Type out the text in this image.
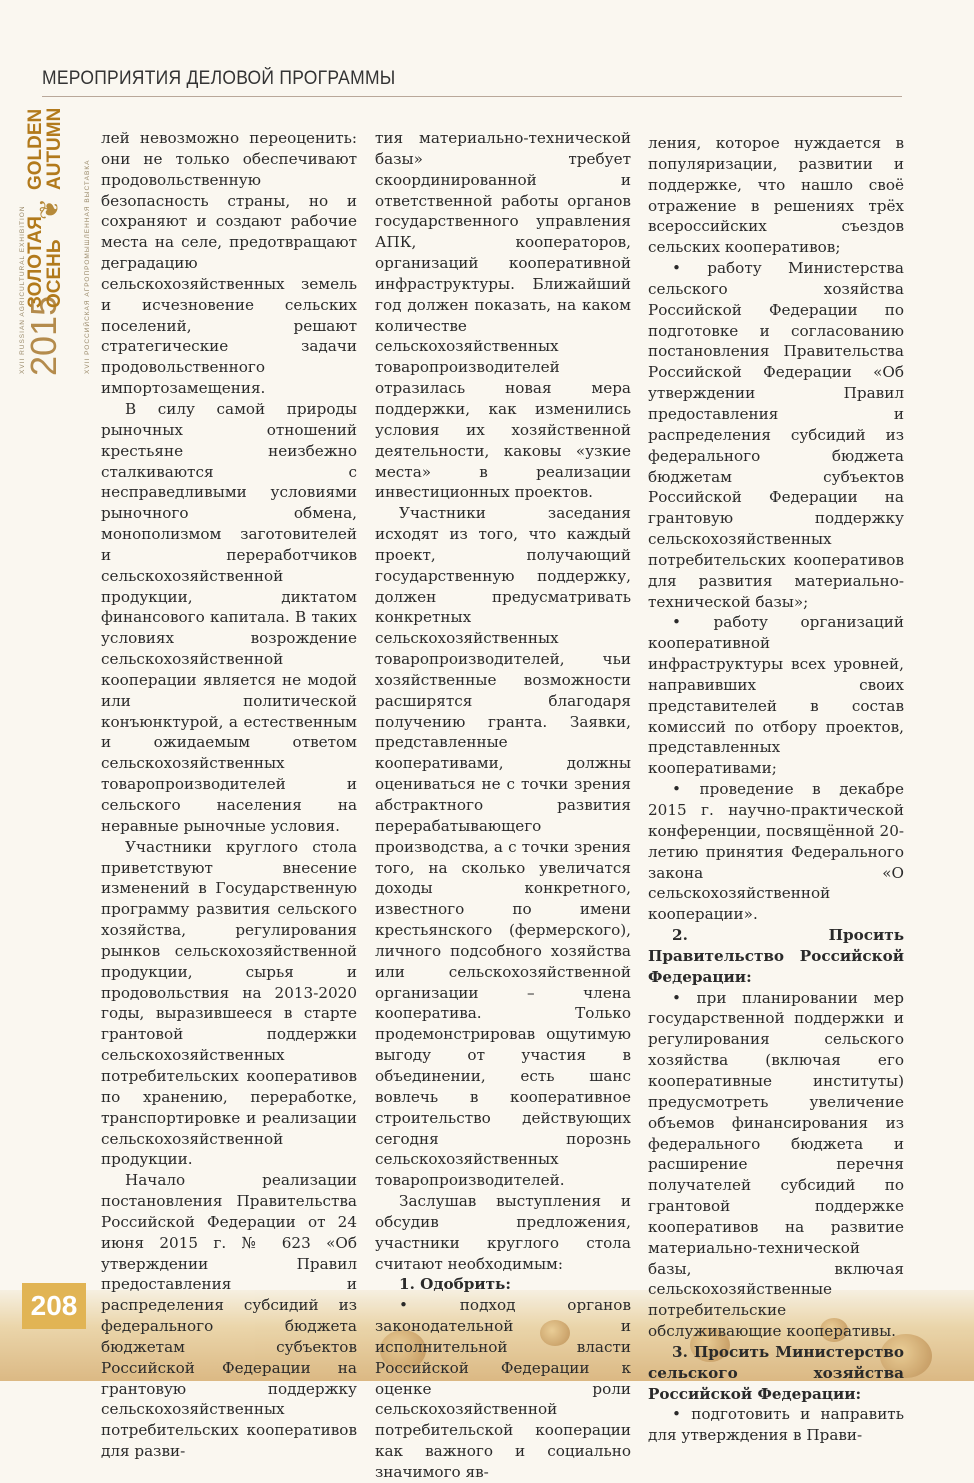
МЕРОПРИЯТИЯ ДЕЛОВОЙ ПРОГРАММЫ
XVII RUSSIAN AGRICULTURAL EXHIBITION
2015
ЗОЛОТАЯ
ОСЕНЬ
❦
GOLDEN
AUTUMN
XVII РОССИЙСКАЯ АГРОПРОМЫШЛЕННАЯ ВЫСТАВКА

лей невозможно переоценить: они не только обеспечивают продовольственную безопасность страны, но и сохраняют и создают рабочие места на селе, предотвращают деградацию сельскохозяйственных земель и исчезновение сельских поселений, решают стратегические задачи продовольственного импортозамещения.

В силу самой природы рыночных отношений крестьяне неизбежно сталкиваются с несправедливыми условиями рыночного обмена, монополизмом заготовителей и переработчиков сельскохозяйственной продукции, диктатом финансового капитала. В таких условиях возрождение сельскохозяйственной кооперации является не модой или политической конъюнктурой, а естественным и ожидаемым ответом сельскохозяйственных товаропроизводителей и сельского населения на неравные рыночные условия.

Участники круглого стола приветствуют внесение изменений в Государственную программу развития сельского хозяйства, регулирования рынков сельскохозяйственной продукции, сырья и продовольствия на 2013-2020 годы, выразившееся в старте грантовой поддержки сельскохозяйственных потребительских кооперативов по хранению, переработке, транспортировке и реализации сельскохозяйственной продукции.

Начало реализации постановления Правительства Российской Федерации от 24 июня 2015 г. № 623 «Об утверждении Правил предоставления и распределения субсидий из федерального бюджета бюджетам субъектов Российской Федерации на грантовую поддержку сельскохозяйственных потребительских кооперативов для разви-

тия материально-технической базы» требует скоординированной и ответственной работы органов государственного управления АПК, кооператоров, организаций кооперативной инфраструктуры. Ближайший год должен показать, на каком количестве сельскохозяйственных товаропроизводителей отразилась новая мера поддержки, как изменились условия их хозяйственной деятельности, каковы «узкие места» в реализации инвестиционных проектов.

Участники заседания исходят из того, что каждый проект, получающий государственную поддержку, должен предусматривать конкретных сельскохозяйственных товаропроизводителей, чьи хозяйственные возможности расширятся благодаря получению гранта. Заявки, представленные кооперативами, должны оцениваться не с точки зрения абстрактного развития перерабатывающего производства, а с точки зрения того, на сколько увеличатся доходы конкретного, известного по имени крестьянского (фермерского), личного подсобного хозяйства или сельскохозяйственной организации – члена кооператива. Только продемонстрировав ощутимую выгоду от участия в объединении, есть шанс вовлечь в кооперативное строительство действующих сегодня порознь сельскохозяйственных товаропроизводителей.

Заслушав выступления и обсудив предложения, участники круглого стола считают необходимым:

1. Одобрить:

• подход органов законодательной и исполнительной власти Российской Федерации к оценке роли сельскохозяйственной потребительской кооперации как важного и социально значимого яв-

ления, которое нуждается в популяризации, развитии и поддержке, что нашло своё отражение в решениях трёх всероссийских съездов сельских кооперативов;

• работу Министерства сельского хозяйства Российской Федерации по подготовке и согласованию постановления Правительства Российской Федерации «Об утверждении Правил предоставления и распределения субсидий из федерального бюджета бюджетам субъектов Российской Федерации на грантовую поддержку сельскохозяйственных потребительских кооперативов для развития материально-технической базы»;

• работу организаций кооперативной инфраструктуры всех уровней, направивших своих представителей в состав комиссий по отбору проектов, представленных кооперативами;

• проведение в декабре 2015 г. научно-практической конференции, посвящённой 20-летию принятия Федерального закона «О сельскохозяйственной кооперации».

2. Просить Правительство Российской Федерации:

• при планировании мер государственной поддержки и регулирования сельского хозяйства (включая его кооперативные институты) предусмотреть увеличение объемов финансирования из федерального бюджета и расширение перечня получателей субсидий по грантовой поддержке кооперативов на развитие материально-технической базы, включая сельскохозяйственные потребительские обслуживающие кооперативы.

3. Просить Министерство сельского хозяйства Российской Федерации:

• подготовить и направить для утверждения в Прави-

208
